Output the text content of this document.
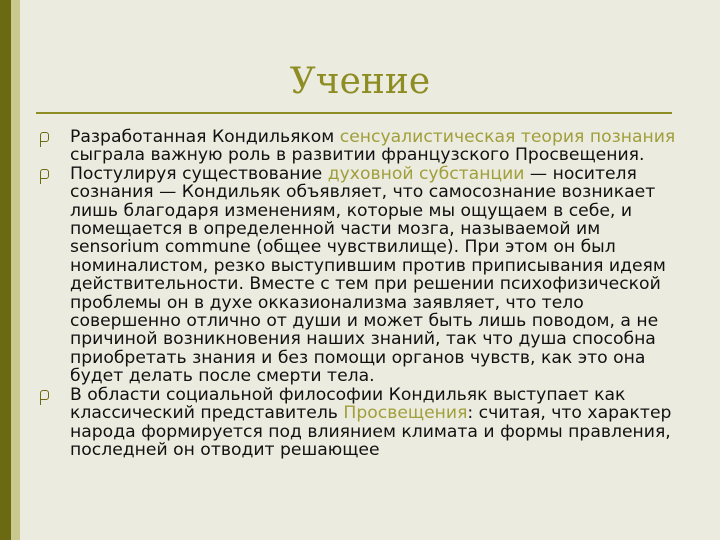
Учение
Разработанная Кондильяком сенсуалистическая теория познания сыграла важную роль в развитии французского Просвещения.
Постулируя существование духовной субстанции — носителя сознания — Кондильяк объявляет, что самосознание возникает лишь благодаря изменениям, которые мы ощущаем в себе, и помещается в определенной части мозга, называемой им sensorium commune (общее чувствилище). При этом он был номиналистом, резко выступившим против приписывания идеям действительности. Вместе с тем при решении психофизической проблемы он в духе окказионализма заявляет, что тело совершенно отлично от души и может быть лишь поводом, а не причиной возникновения наших знаний, так что душа способна приобретать знания и без помощи органов чувств, как это она будет делать после смерти тела.
В области социальной философии Кондильяк выступает как классический представитель Просвещения: считая, что характер народа формируется под влиянием климата и формы правления, последней он отводит решающее
